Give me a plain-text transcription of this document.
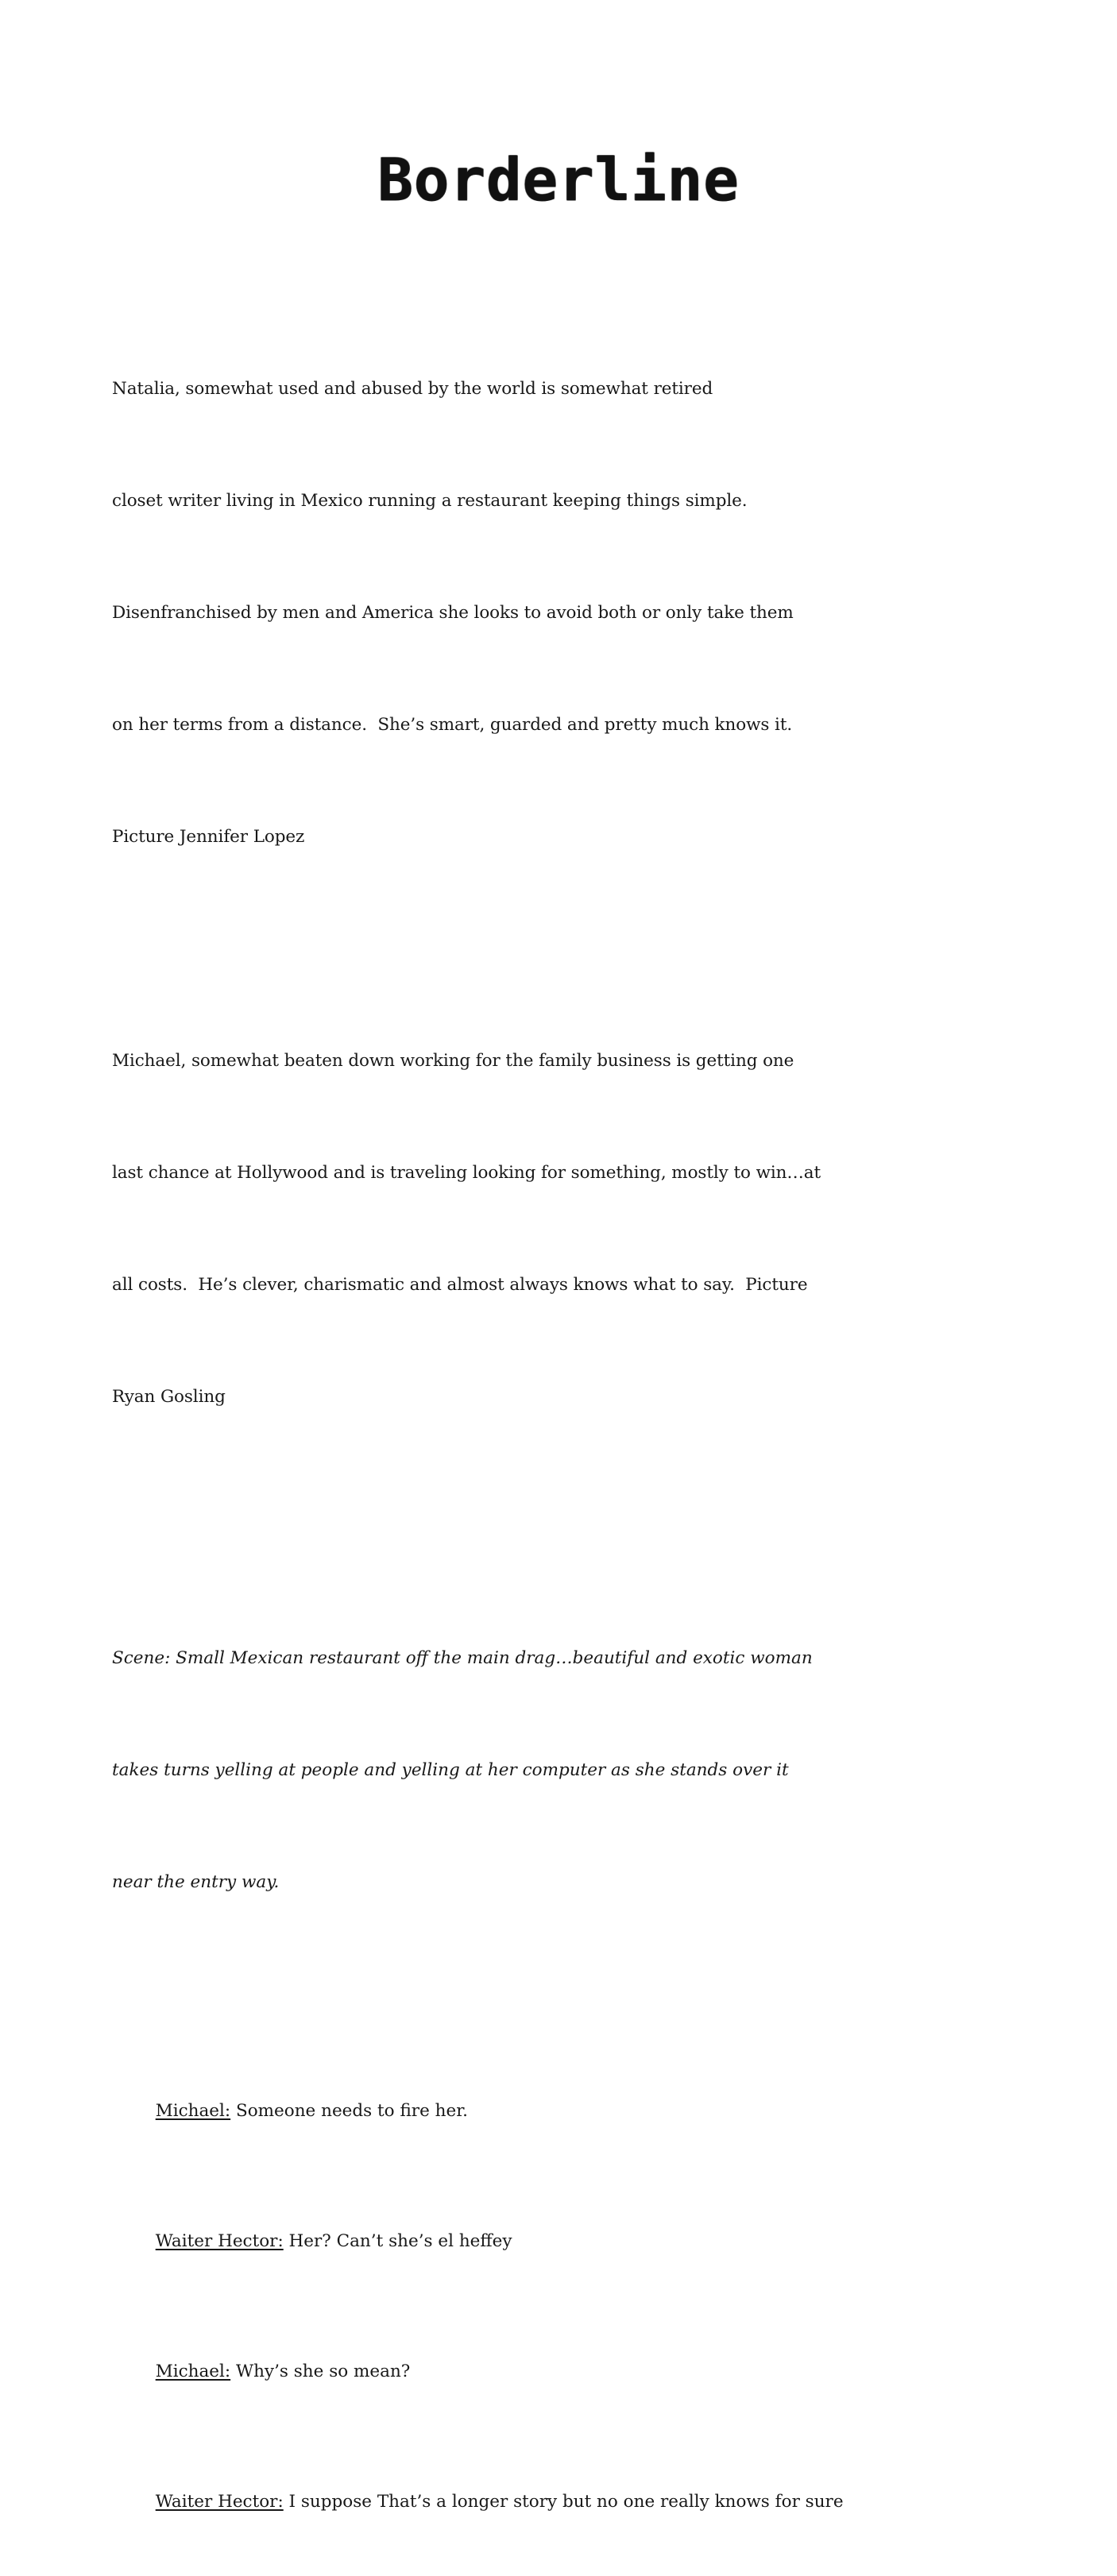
Borderline

Natalia, somewhat used and abused by the world is somewhat retired

closet writer living in Mexico running a restaurant keeping things simple.

Disenfranchised by men and America she looks to avoid both or only take them

on her terms from a distance.  She’s smart, guarded and pretty much knows it.

Picture Jennifer Lopez

Michael, somewhat beaten down working for the family business is getting one

last chance at Hollywood and is traveling looking for something, mostly to win…at

all costs.  He’s clever, charismatic and almost always knows what to say.  Picture

Ryan Gosling

Scene: Small Mexican restaurant off the main drag…beautiful and exotic woman

takes turns yelling at people and yelling at her computer as she stands over it

near the entry way.

Michael: Someone needs to fire her.

Waiter Hector: Her? Can’t she’s el heffey

Michael: Why’s she so mean?

Waiter Hector: I suppose That’s a longer story but no one really knows for sure
